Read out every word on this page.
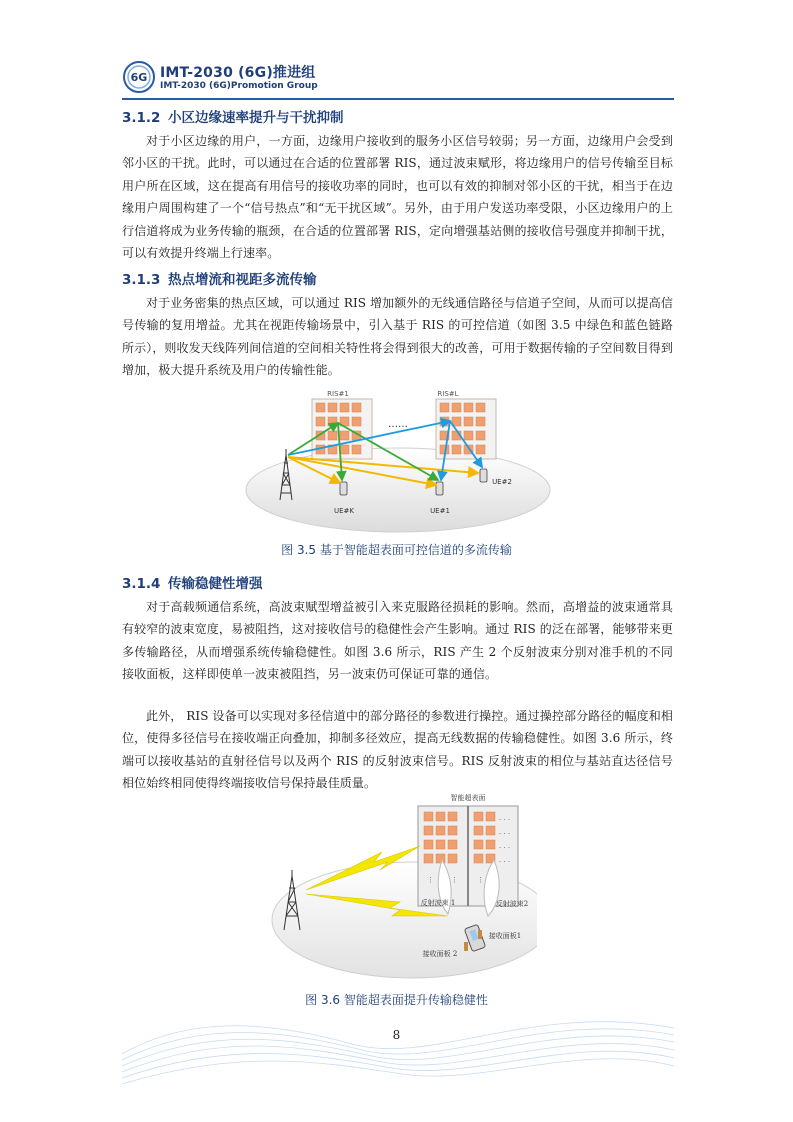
6G IMT-2030 (6G)推进组
IMT-2030 (6G)Promotion Group
3.1.2 小区边缘速率提升与干扰抑制

对于小区边缘的用户，一方面，边缘用户接收到的服务小区信号较弱；另一方面，边缘用户会受到邻小区的干扰。此时，可以通过在合适的位置部署 RIS，通过波束赋形，将边缘用户的信号传输至目标用户所在区域，这在提高有用信号的接收功率的同时，也可以有效的抑制对邻小区的干扰，相当于在边缘用户周围构建了一个“信号热点”和“无干扰区域”。另外，由于用户发送功率受限，小区边缘用户的上行信道将成为业务传输的瓶颈，在合适的位置部署 RIS，定向增强基站侧的接收信号强度并抑制干扰，可以有效提升终端上行速率。

3.1.3 热点增流和视距多流传输

对于业务密集的热点区域，可以通过 RIS 增加额外的无线通信路径与信道子空间，从而可以提高信号传输的复用增益。尤其在视距传输场景中，引入基于 RIS 的可控信道（如图 3.5 中绿色和蓝色链路所示），则收发天线阵列间信道的空间相关特性将会得到很大的改善，可用于数据传输的子空间数目得到增加，极大提升系统及用户的传输性能。

RIS#1
……
RIS#L
UE#K	UE#1
UE#2
图 3.5 基于智能超表面可控信道的多流传输
3.1.4 传输稳健性增强

对于高载频通信系统，高波束赋型增益被引入来克服路径损耗的影响。然而，高增益的波束通常具有较窄的波束宽度，易被阻挡，这对接收信号的稳健性会产生影响。通过 RIS 的泛在部署，能够带来更多传输路径，从而增强系统传输稳健性。如图 3.6 所示，RIS 产生 2 个反射波束分别对准手机的不同接收面板，这样即使单一波束被阻挡，另一波束仍可保证可靠的通信。

此外， RIS 设备可以实现对多径信道中的部分路径的参数进行操控。通过操控部分路径的幅度和相位，使得多径信号在接收端正向叠加，抑制多径效应，提高无线数据的传输稳健性。如图 3.6 所示，终端可以接收基站的直射径信号以及两个 RIS 的反射波束信号。RIS 反射波束的相位与基站直达径信号相位始终相同使得终端接收信号保持最佳质量。

智能超表面
· · ·
· · ·
· · ·
· · ·
⋮ ⋮	⋮
反射波束 1	反射波束2
接收面板1
接收面板 2
图 3.6 智能超表面提升传输稳健性
8
